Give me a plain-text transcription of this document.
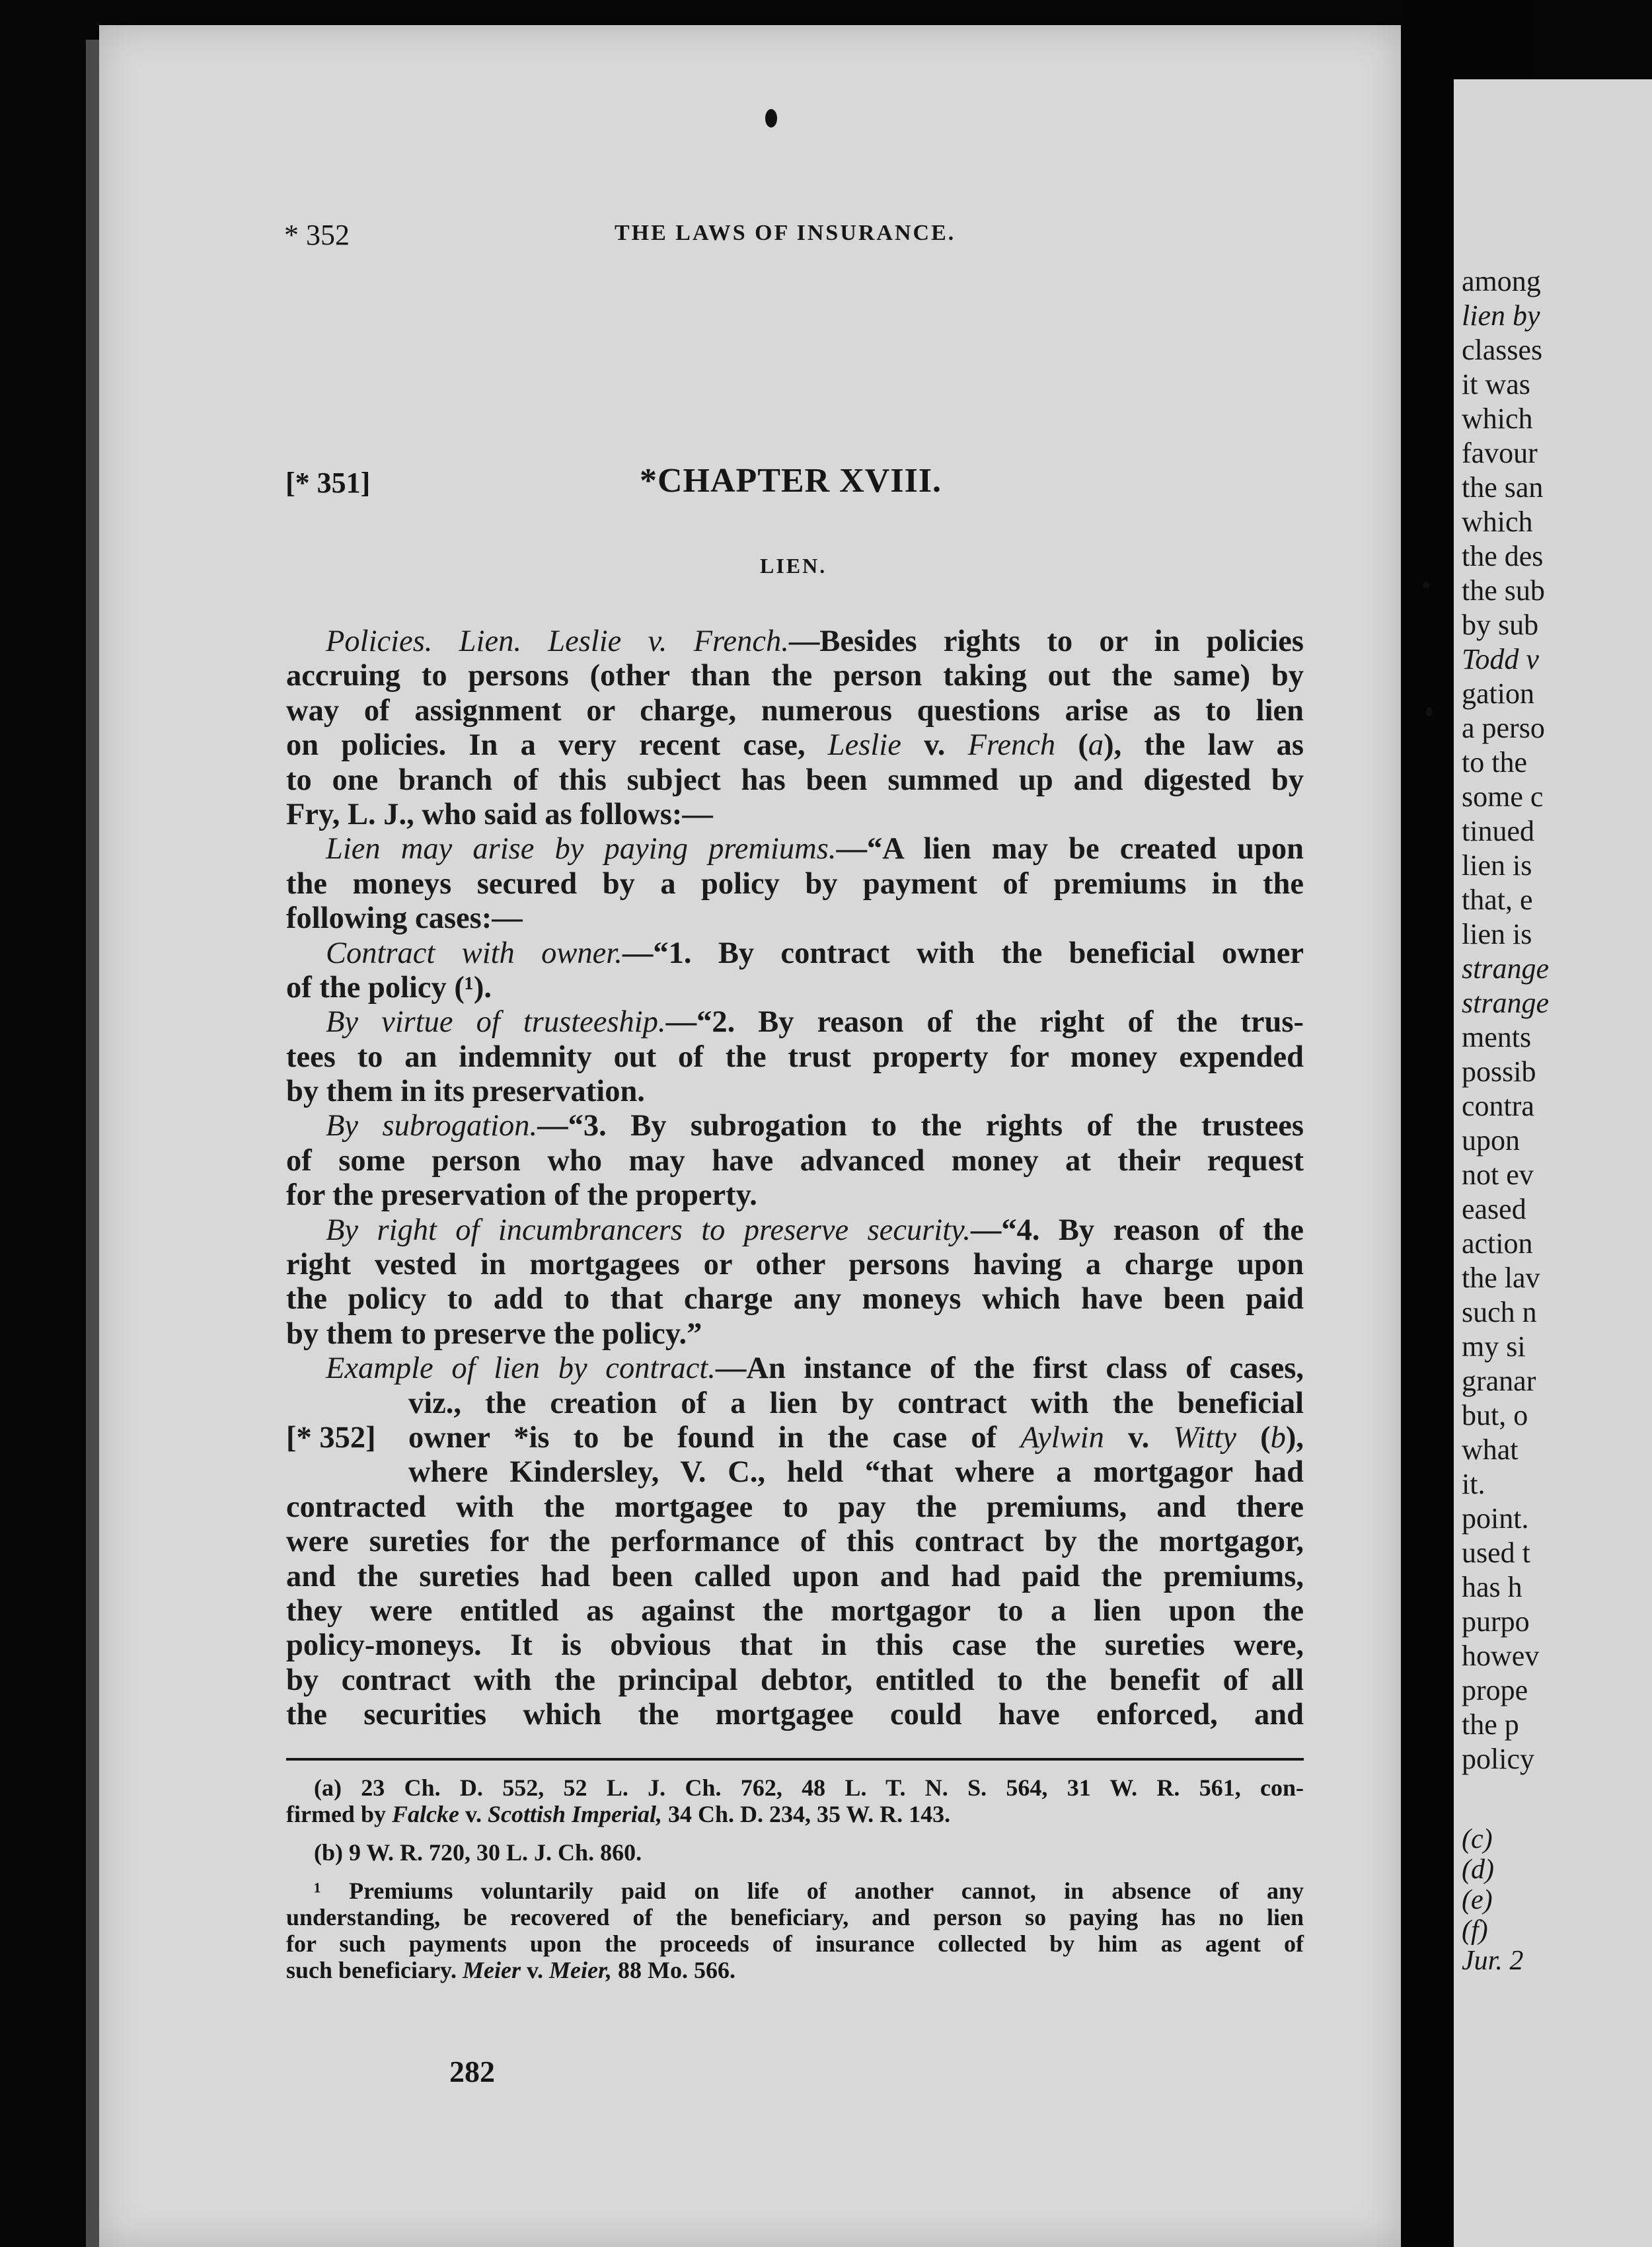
among
lien by
classes
it was
which
favour
the san
which
the des
the sub
by sub
Todd v
gation
a perso
to the
some c
tinued
lien is
that, e
lien is
strange
strange
ments
possib
contra
upon
not ev
eased
action
the lav
such n
my si
granar
but, o
what
it.
point.
used t
has h
purpo
howev
prope
the p
policy
(c)
(d)
(e)
(f)
Jur. 2
* 352	THE LAWS OF INSURANCE.
[* 351]	*CHAPTER XVIII.
LIEN.
Policies. Lien. Leslie v. French.—Besides rights to or in policies
accruing to persons (other than the person taking out the same) by
way of assignment or charge, numerous questions arise as to lien
on policies. In a very recent case, Leslie v. French (a), the law as
to one branch of this subject has been summed up and digested by
Fry, L. J., who said as follows:—
Lien may arise by paying premiums.—“A lien may be created upon
the moneys secured by a policy by payment of premiums in the
following cases:—
Contract with owner.—“1. By contract with the beneficial owner
of the policy (¹).
By virtue of trusteeship.—“2. By reason of the right of the trus-
tees to an indemnity out of the trust property for money expended
by them in its preservation.
By subrogation.—“3. By subrogation to the rights of the trustees
of some person who may have advanced money at their request
for the preservation of the property.
By right of incumbrancers to preserve security.—“4. By reason of the
right vested in mortgagees or other persons having a charge upon
the policy to add to that charge any moneys which have been paid
by them to preserve the policy.”
Example of lien by contract.—An instance of the first class of cases,
viz., the creation of a lien by contract with the beneficial
[* 352] owner *is to be found in the case of Aylwin v. Witty (b),
where Kindersley, V. C., held “that where a mortgagor had
contracted with the mortgagee to pay the premiums, and there
were sureties for the performance of this contract by the mortgagor,
and the sureties had been called upon and had paid the premiums,
they were entitled as against the mortgagor to a lien upon the
policy-moneys. It is obvious that in this case the sureties were,
by contract with the principal debtor, entitled to the benefit of all
the securities which the mortgagee could have enforced, and
(a) 23 Ch. D. 552, 52 L. J. Ch. 762, 48 L. T. N. S. 564, 31 W. R. 561, con-
firmed by Falcke v. Scottish Imperial, 34 Ch. D. 234, 35 W. R. 143.
(b) 9 W. R. 720, 30 L. J. Ch. 860.
¹ Premiums voluntarily paid on life of another cannot, in absence of any
understanding, be recovered of the beneficiary, and person so paying has no lien
for such payments upon the proceeds of insurance collected by him as agent of
such beneficiary. Meier v. Meier, 88 Mo. 566.
282
